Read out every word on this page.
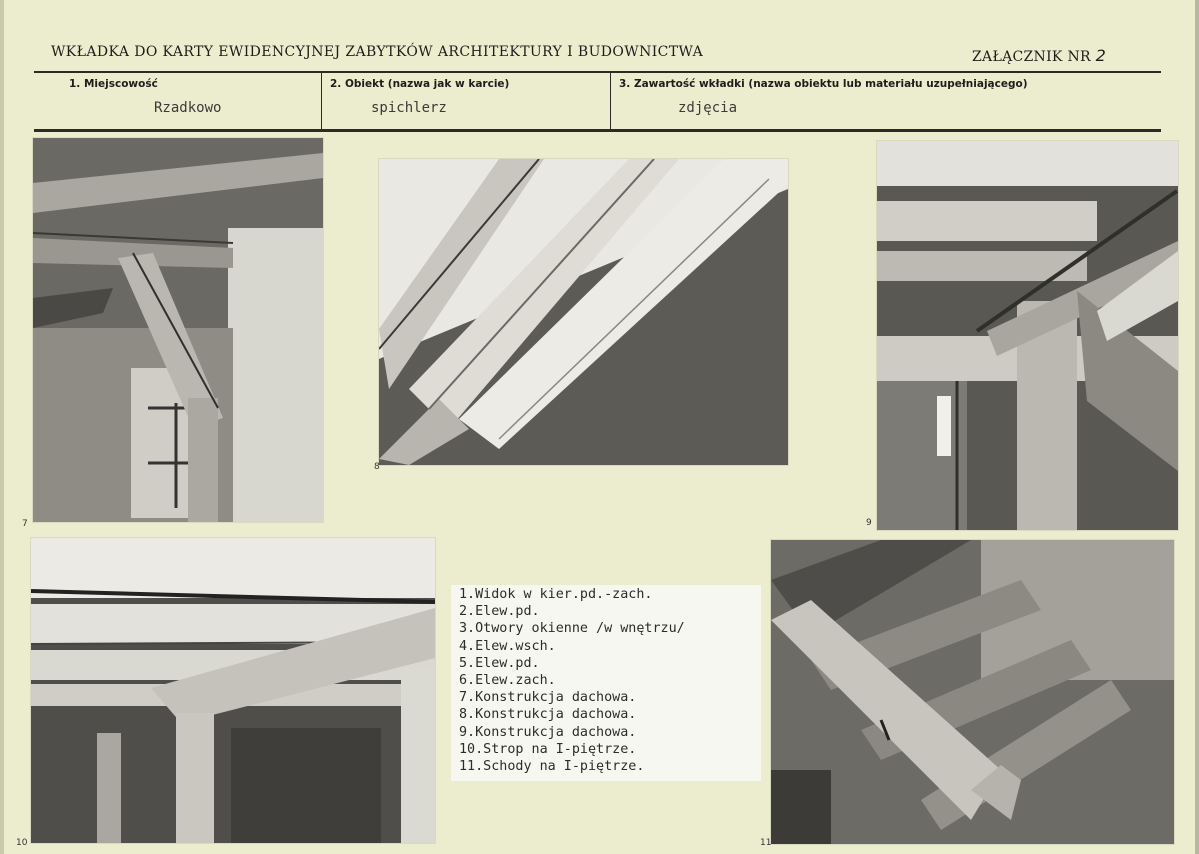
WKŁADKA DO KARTY EWIDENCYJNEJ ZABYTKÓW ARCHITEKTURY I BUDOWNICTWA	ZAŁĄCZNIK NR 2
1. Miejscowość
Rzadkowo
2. Obiekt (nazwa jak w karcie)
spichlerz
3. Zawartość wkładki (nazwa obiektu lub materiału uzupełniającego)
zdjęcia
7
8
9
10	11
1.Widok w kier.pd.-zach.
2.Elew.pd.
3.Otwory okienne /w wnętrzu/
4.Elew.wsch.
5.Elew.pd.
6.Elew.zach.
7.Konstrukcja dachowa.
8.Konstrukcja dachowa.
9.Konstrukcja dachowa.
10.Strop na I-piętrze.
11.Schody na I-piętrze.
